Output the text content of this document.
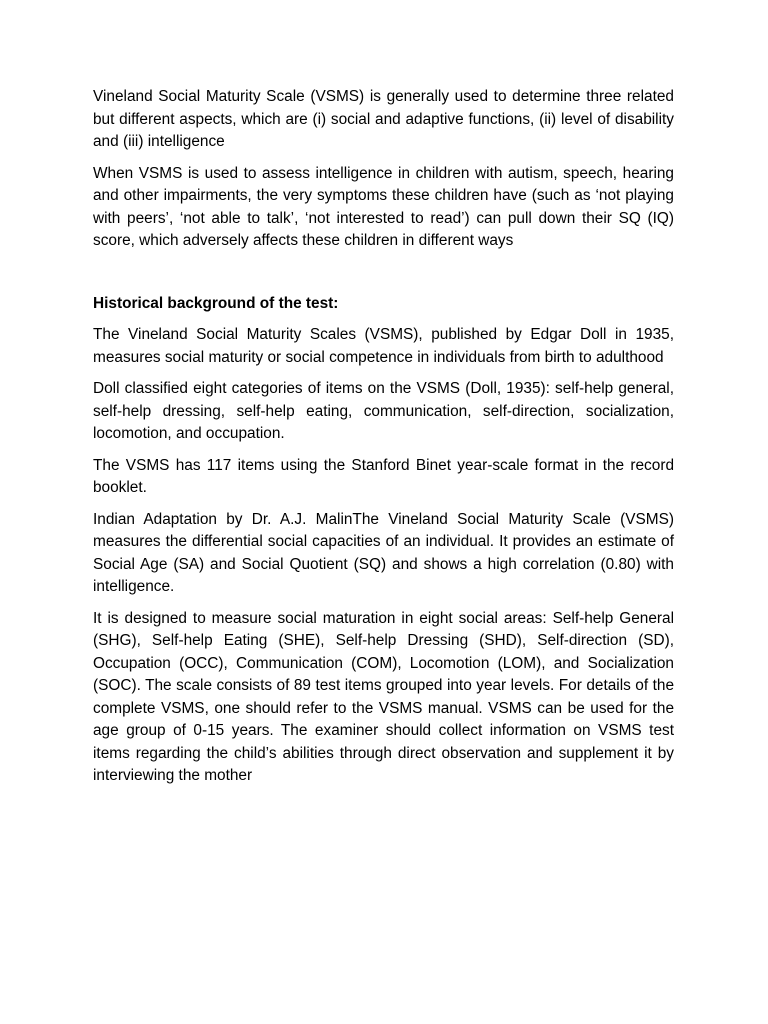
Vineland Social Maturity Scale (VSMS) is generally used to determine three related but different aspects, which are (i) social and adaptive functions, (ii) level of disability and (iii) intelligence

When VSMS is used to assess intelligence in children with autism, speech, hearing and other impairments, the very symptoms these children have (such as ‘not playing with peers’, ‘not able to talk’, ‘not interested to read’) can pull down their SQ (IQ) score, which adversely affects these children in different ways

Historical background of the test:

The Vineland Social Maturity Scales (VSMS), published by Edgar Doll in 1935, measures social maturity or social competence in individuals from birth to adulthood

Doll classified eight categories of items on the VSMS (Doll, 1935): self-help general, self-help dressing, self-help eating, communication, self-direction, socialization, locomotion, and occupation.

The VSMS has 117 items using the Stanford Binet year-scale format in the record booklet.

Indian Adaptation by Dr. A.J. MalinThe Vineland Social Maturity Scale (VSMS) measures the differential social capacities of an individual. It provides an estimate of Social Age (SA) and Social Quotient (SQ) and shows a high correlation (0.80) with intelligence.

It is designed to measure social maturation in eight social areas: Self-help General (SHG), Self-help Eating (SHE), Self-help Dressing (SHD), Self-direction (SD), Occupation (OCC), Communication (COM), Locomotion (LOM), and Socialization (SOC). The scale consists of 89 test items grouped into year levels. For details of the complete VSMS, one should refer to the VSMS manual. VSMS can be used for the age group of 0-15 years. The examiner should collect information on VSMS test items regarding the child’s abilities through direct observation and supplement it by interviewing the mother
